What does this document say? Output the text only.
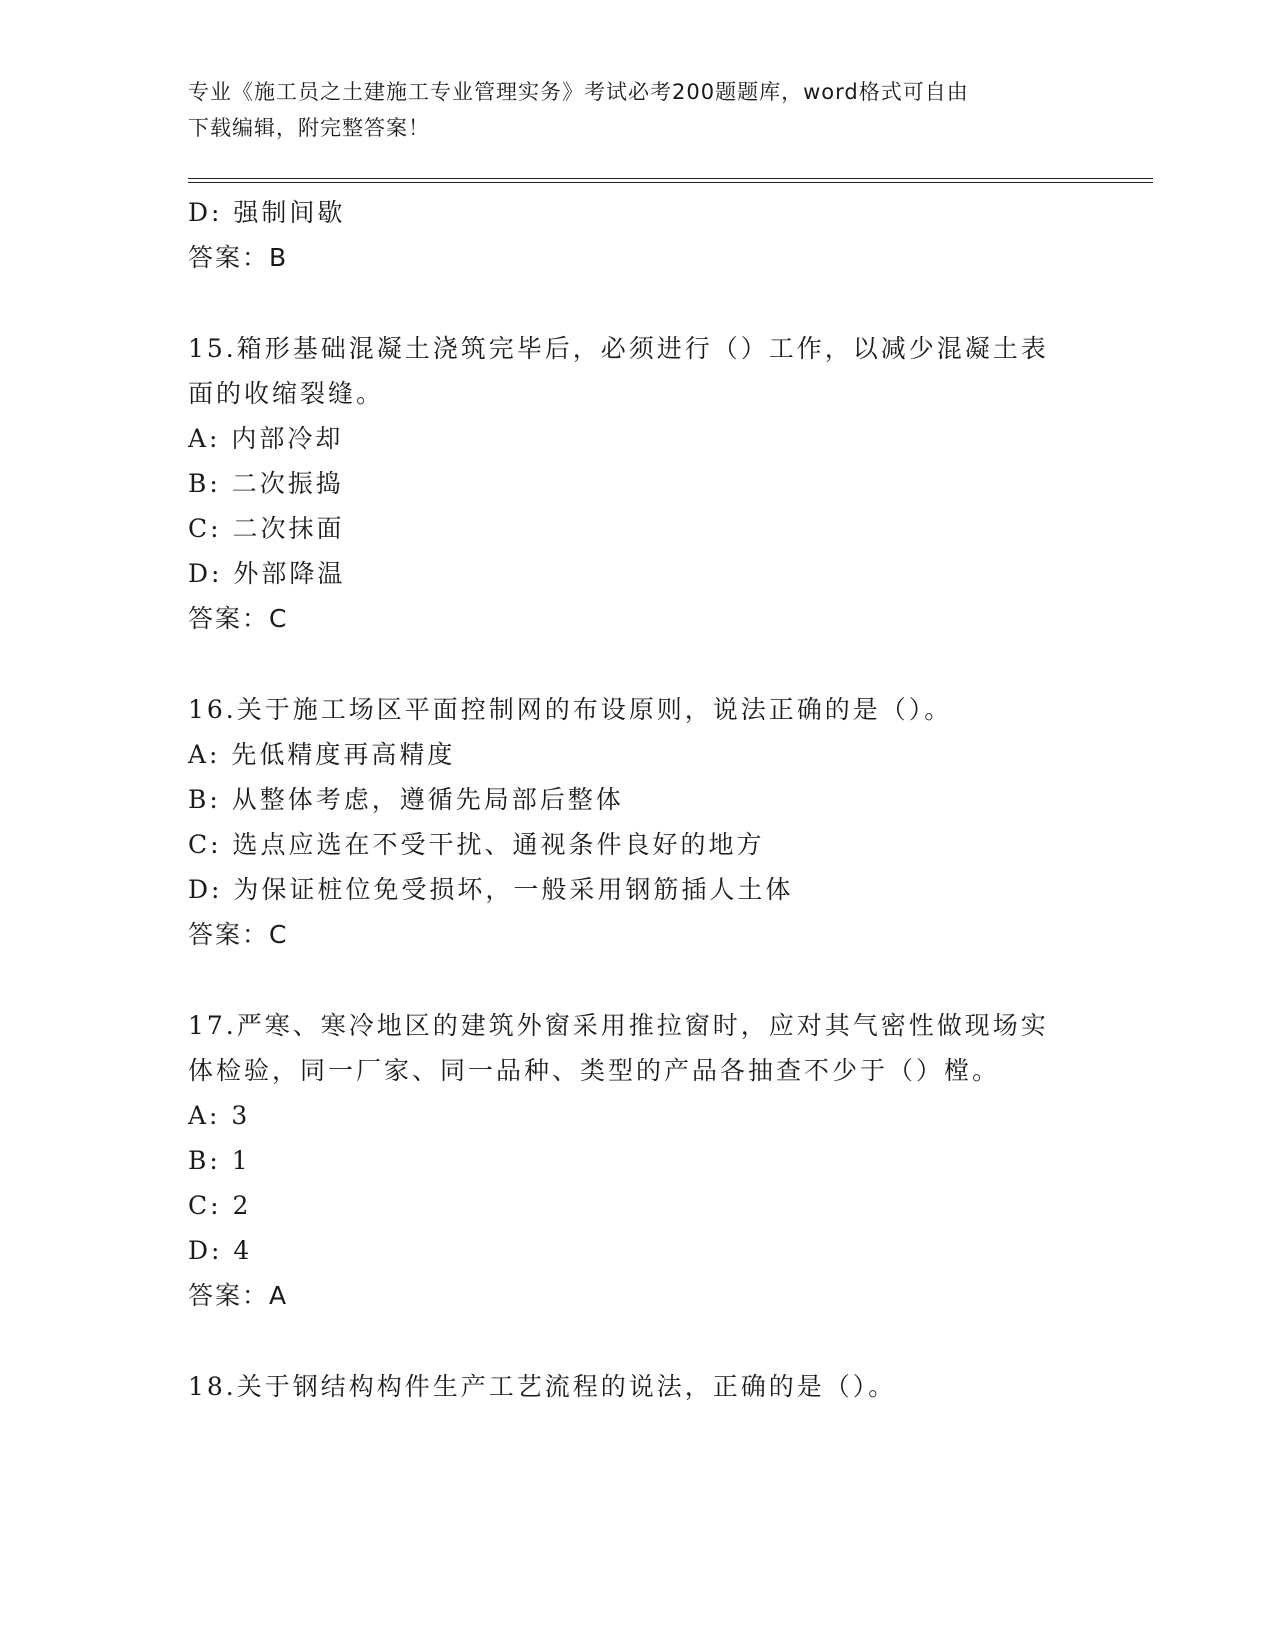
专业《施工员之土建施工专业管理实务》考试必考200题题库，word格式可自由
下载编辑，附完整答案！
D: 强制间歇
答案：B
15.箱形基础混凝土浇筑完毕后，必须进行（）工作，以减少混凝土表
面的收缩裂缝。
A: 内部冷却
B: 二次振捣
C: 二次抹面
D: 外部降温
答案：C
16.关于施工场区平面控制网的布设原则，说法正确的是（）。
A: 先低精度再高精度
B: 从整体考虑，遵循先局部后整体
C: 选点应选在不受干扰、通视条件良好的地方
D: 为保证桩位免受损坏，一般采用钢筋插人土体
答案：C
17.严寒、寒冷地区的建筑外窗采用推拉窗时，应对其气密性做现场实
体检验，同一厂家、同一品种、类型的产品各抽查不少于（）樘。
A: 3
B: 1
C: 2
D: 4
答案：A
18.关于钢结构构件生产工艺流程的说法，正确的是（）。
